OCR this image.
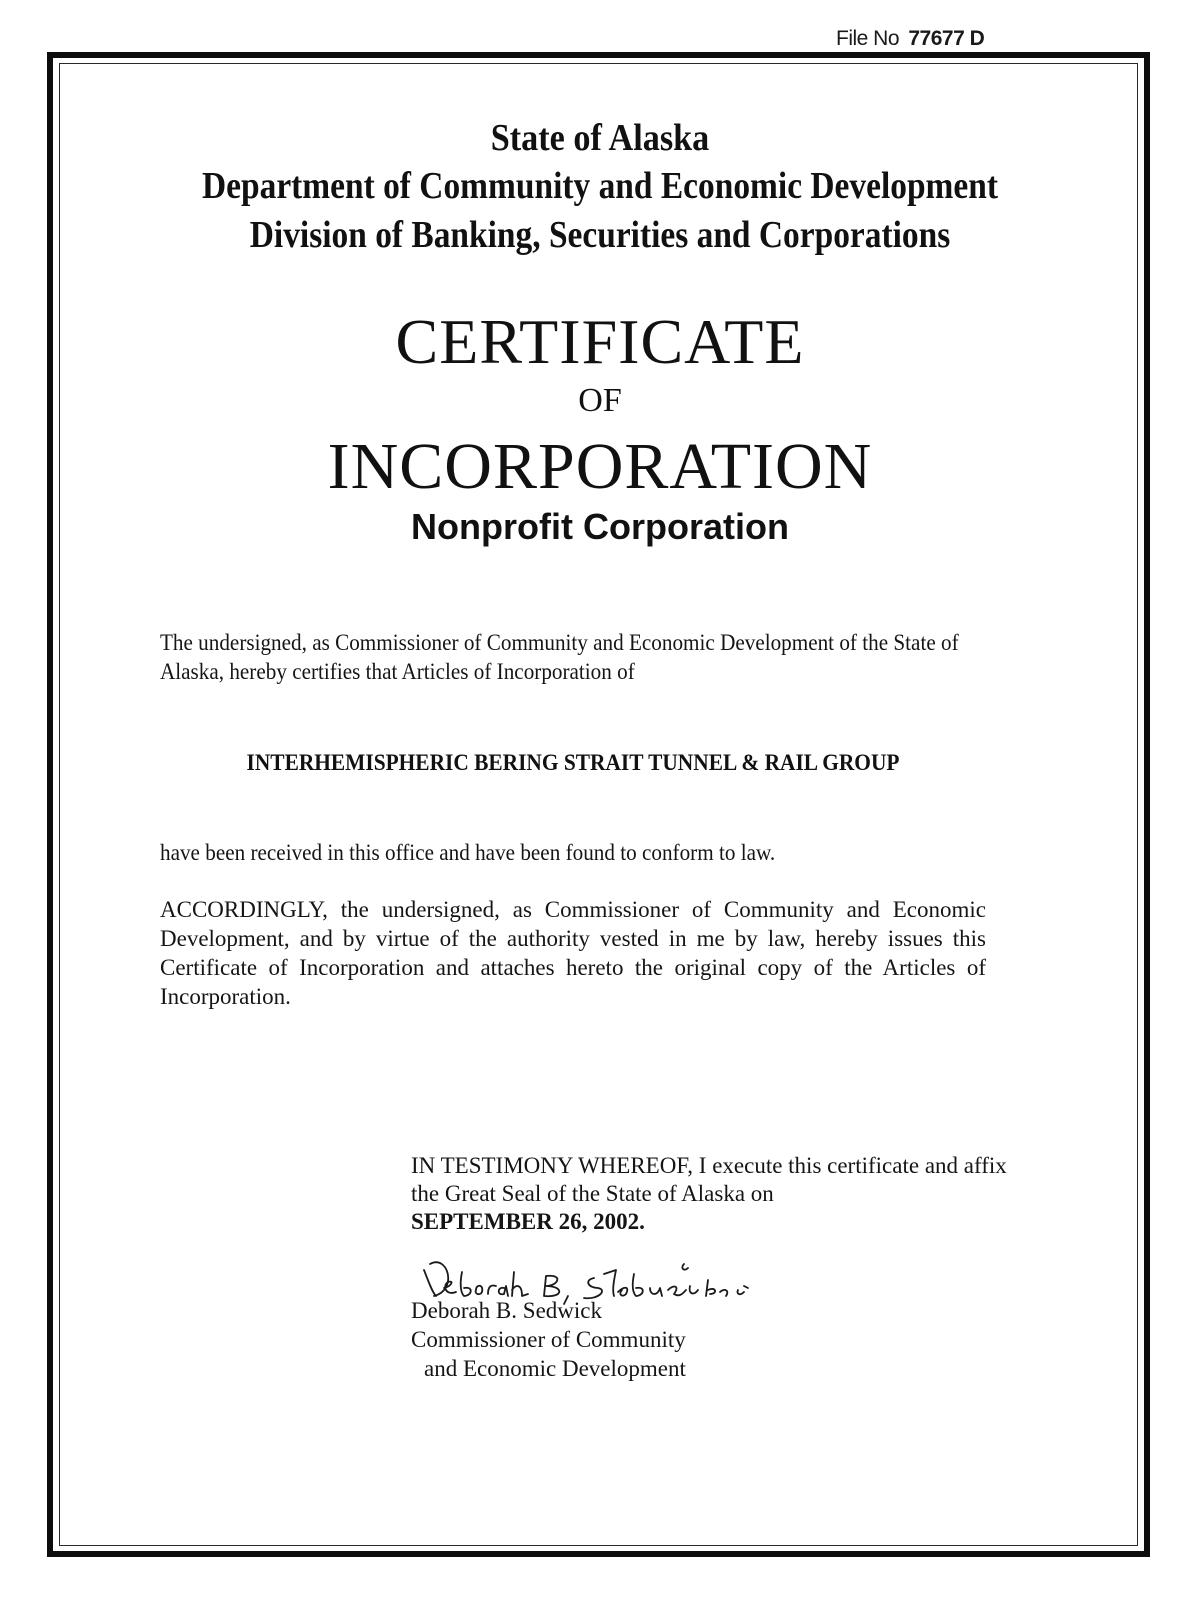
File No 77677 D
State of Alaska
Department of Community and Economic Development
Division of Banking, Securities and Corporations
CERTIFICATE
OF
INCORPORATION
Nonprofit Corporation
The undersigned, as Commissioner of Community and Economic Development of the State of Alaska, hereby certifies that Articles of Incorporation of
INTERHEMISPHERIC BERING STRAIT TUNNEL & RAIL GROUP
have been received in this office and have been found to conform to law.
ACCORDINGLY, the undersigned, as Commissioner of Community and Economic Development, and by virtue of the authority vested in me by law, hereby issues this Certificate of Incorporation and attaches hereto the original copy of the Articles of Incorporation.
IN TESTIMONY WHEREOF, I execute this certificate and affix the Great Seal of the State of Alaska on
SEPTEMBER 26, 2002.
Deborah B. Sedwick
Commissioner of Community
and Economic Development
